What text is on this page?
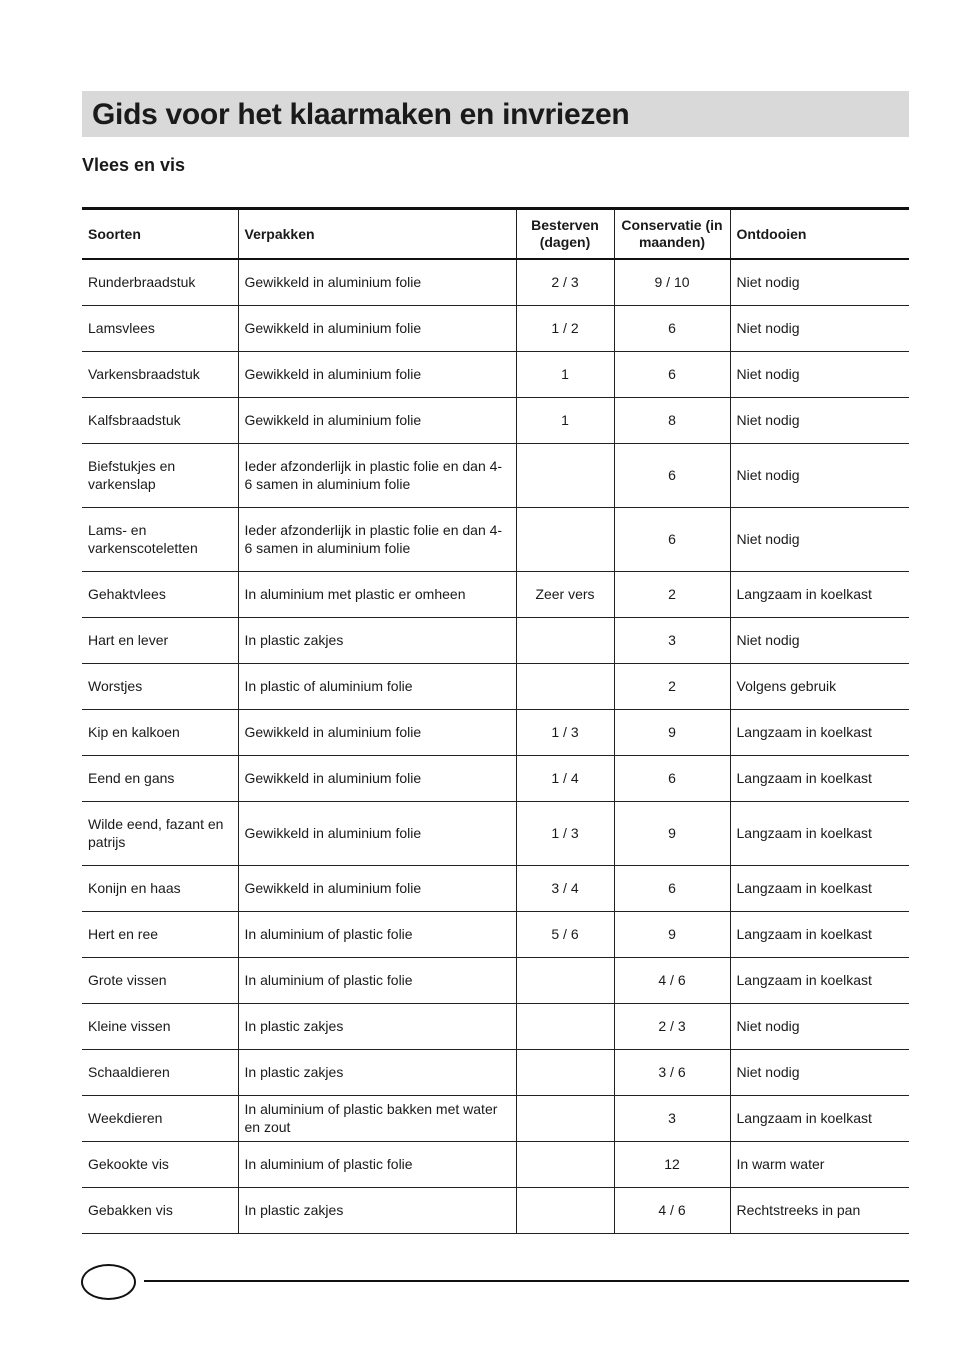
Gids voor het klaarmaken en invriezen
Vlees en vis
Soorten	Verpakken	Besterven (dagen)	Conservatie (in maanden)	Ontdooien
Runderbraadstuk	Gewikkeld in aluminium folie	2 / 3	9 / 10	Niet nodig
Lamsvlees	Gewikkeld in aluminium folie	1 / 2	6	Niet nodig
Varkensbraadstuk	Gewikkeld in aluminium folie	1	6	Niet nodig
Kalfsbraadstuk	Gewikkeld in aluminium folie	1	8	Niet nodig
Biefstukjes en varkenslap	Ieder afzonderlijk in plastic folie en dan 4-6 samen in aluminium folie		6	Niet nodig
Lams- en varkenscoteletten	Ieder afzonderlijk in plastic folie en dan 4-6 samen in aluminium folie		6	Niet nodig
Gehaktvlees	In aluminium met plastic er omheen	Zeer vers	2	Langzaam in koelkast
Hart en lever	In plastic zakjes		3	Niet nodig
Worstjes	In plastic of aluminium folie		2	Volgens gebruik
Kip en kalkoen	Gewikkeld in aluminium folie	1 / 3	9	Langzaam in koelkast
Eend en gans	Gewikkeld in aluminium folie	1 / 4	6	Langzaam in koelkast
Wilde eend, fazant en patrijs	Gewikkeld in aluminium folie	1 / 3	9	Langzaam in koelkast
Konijn en haas	Gewikkeld in aluminium folie	3 / 4	6	Langzaam in koelkast
Hert en ree	In aluminium of plastic folie	5 / 6	9	Langzaam in koelkast
Grote vissen	In aluminium of plastic folie		4 / 6	Langzaam in koelkast
Kleine vissen	In plastic zakjes		2 / 3	Niet nodig
Schaaldieren	In plastic zakjes		3 / 6	Niet nodig
Weekdieren	In aluminium of plastic bakken met water en zout		3	Langzaam in koelkast
Gekookte vis	In aluminium of plastic folie		12	In warm water
Gebakken vis	In plastic zakjes		4 / 6	Rechtstreeks in pan
